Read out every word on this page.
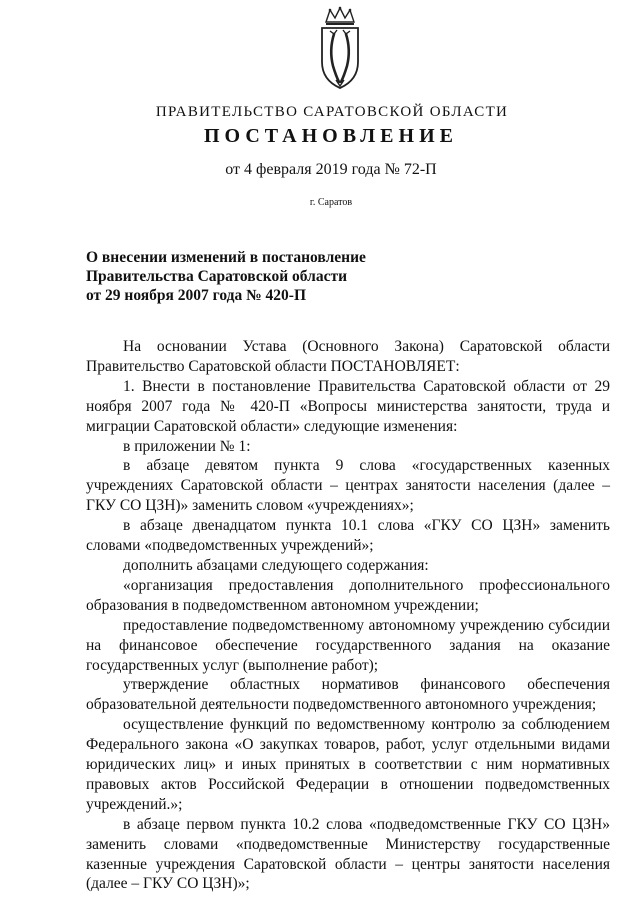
ПРАВИТЕЛЬСТВО САРАТОВСКОЙ ОБЛАСТИ
ПОСТАНОВЛЕНИЕ
от 4 февраля 2019 года № 72-П
г. Саратов
О внесении изменений в постановление
Правительства Саратовской области
от 29 ноября 2007 года № 420-П

На основании Устава (Основного Закона) Саратовской области Правительство Саратовской области ПОСТАНОВЛЯЕТ:

1. Внести в постановление Правительства Саратовской области от 29 ноября 2007 года № 420-П «Вопросы министерства занятости, труда и миграции Саратовской области» следующие изменения:

в приложении № 1:

в абзаце девятом пункта 9 слова «государственных казенных учреждениях Саратовской области – центрах занятости населения (далее – ГКУ СО ЦЗН)» заменить словом «учреждениях»;

в абзаце двенадцатом пункта 10.1 слова «ГКУ СО ЦЗН» заменить словами «подведомственных учреждений»;

дополнить абзацами следующего содержания:

«организация предоставления дополнительного профессионального образования в подведомственном автономном учреждении;

предоставление подведомственному автономному учреждению субсидии на финансовое обеспечение государственного задания на оказание государственных услуг (выполнение работ);

утверждение областных нормативов финансового обеспечения образовательной деятельности подведомственного автономного учреждения;

осуществление функций по ведомственному контролю за соблюдением Федерального закона «О закупках товаров, работ, услуг отдельными видами юридических лиц» и иных принятых в соответствии с ним нормативных правовых актов Российской Федерации в отношении подведомственных учреждений.»;

в абзаце первом пункта 10.2 слова «подведомственные ГКУ СО ЦЗН» заменить словами «подведомственные Министерству государственные казенные учреждения Саратовской области – центры занятости населения (далее – ГКУ СО ЦЗН)»;
